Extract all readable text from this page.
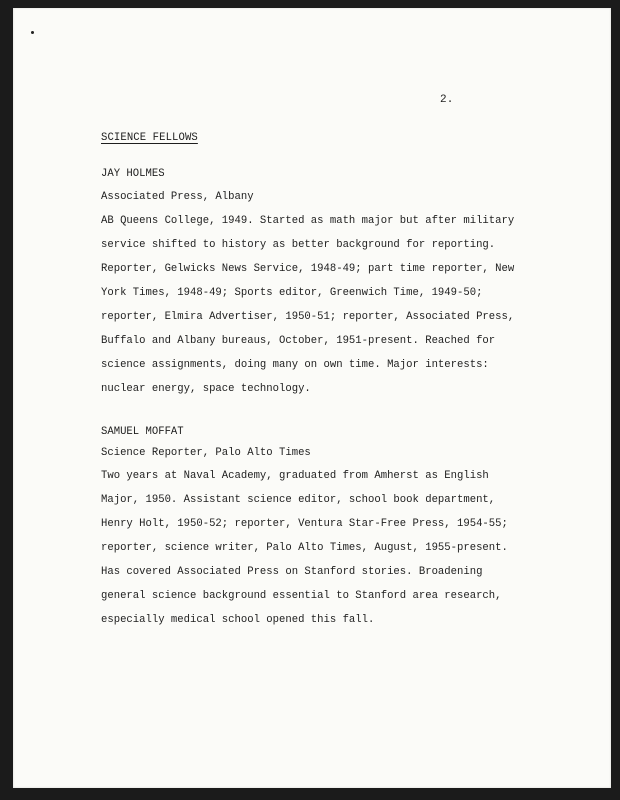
2.
SCIENCE FELLOWS
JAY HOLMES
Associated Press, Albany
AB Queens College, 1949. Started as math major but after military
service shifted to history as better background for reporting.
Reporter, Gelwicks News Service, 1948-49; part time reporter, New
York Times, 1948-49; Sports editor, Greenwich Time, 1949-50;
reporter, Elmira Advertiser, 1950-51; reporter, Associated Press,
Buffalo and Albany bureaus, October, 1951-present. Reached for
science assignments, doing many on own time. Major interests:
nuclear energy, space technology.
SAMUEL MOFFAT
Science Reporter, Palo Alto Times
Two years at Naval Academy, graduated from Amherst as English
Major, 1950. Assistant science editor, school book department,
Henry Holt, 1950-52; reporter, Ventura Star-Free Press, 1954-55;
reporter, science writer, Palo Alto Times, August, 1955-present.
Has covered Associated Press on Stanford stories. Broadening
general science background essential to Stanford area research,
especially medical school opened this fall.
